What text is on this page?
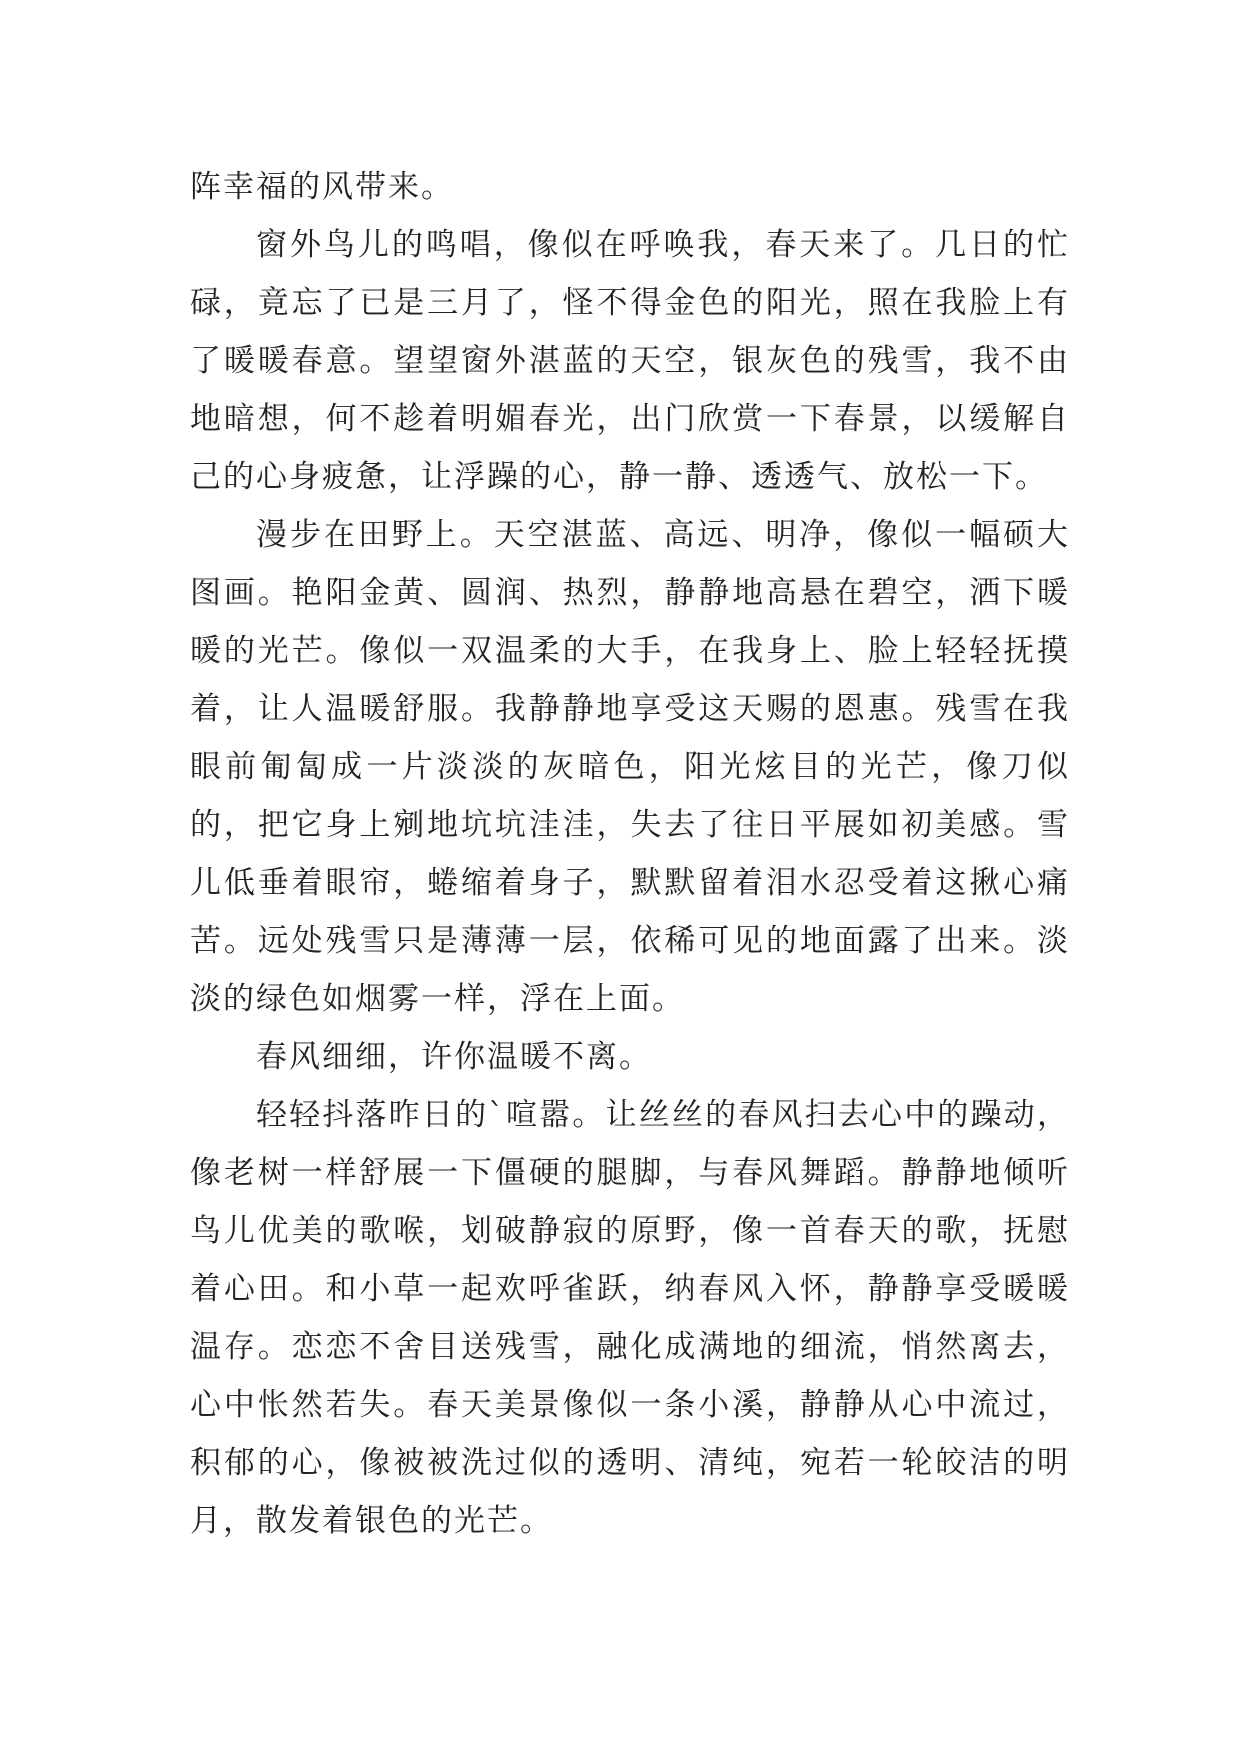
阵幸福的风带来。

窗外鸟儿的鸣唱，像似在呼唤我，春天来了。几日的忙碌，竟忘了已是三月了，怪不得金色的阳光，照在我脸上有了暖暖春意。望望窗外湛蓝的天空，银灰色的残雪，我不由地暗想，何不趁着明媚春光，出门欣赏一下春景，以缓解自己的心身疲惫，让浮躁的心，静一静、透透气、放松一下。

漫步在田野上。天空湛蓝、高远、明净，像似一幅硕大图画。艳阳金黄、圆润、热烈，静静地高悬在碧空，洒下暖暖的光芒。像似一双温柔的大手，在我身上、脸上轻轻抚摸着，让人温暖舒服。我静静地享受这天赐的恩惠。残雪在我眼前匍匐成一片淡淡的灰暗色，阳光炫目的光芒，像刀似的，把它身上剜地坑坑洼洼，失去了往日平展如初美感。雪儿低垂着眼帘，蜷缩着身子，默默留着泪水忍受着这揪心痛苦。远处残雪只是薄薄一层，依稀可见的地面露了出来。淡淡的绿色如烟雾一样，浮在上面。

春风细细，许你温暖不离。

轻轻抖落昨日的`喧嚣。让丝丝的春风扫去心中的躁动，像老树一样舒展一下僵硬的腿脚，与春风舞蹈。静静地倾听鸟儿优美的歌喉，划破静寂的原野，像一首春天的歌，抚慰着心田。和小草一起欢呼雀跃，纳春风入怀，静静享受暖暖温存。恋恋不舍目送残雪，融化成满地的细流，悄然离去，心中怅然若失。春天美景像似一条小溪，静静从心中流过，积郁的心，像被被洗过似的透明、清纯，宛若一轮皎洁的明月，散发着银色的光芒。
